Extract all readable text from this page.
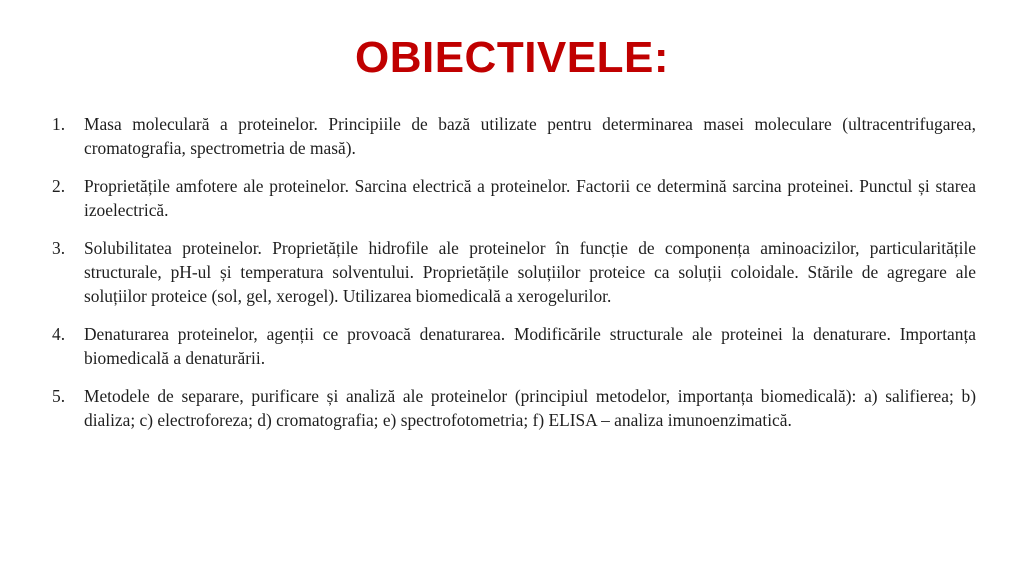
OBIECTIVELE:
1.	Masa moleculară a proteinelor. Principiile de bază utilizate pentru determinarea masei moleculare (ultracentrifugarea, cromatografia, spectrometria de masă).
2.	Proprietățile amfotere ale proteinelor. Sarcina electrică a proteinelor. Factorii ce determină sarcina proteinei. Punctul și starea izoelectrică.
3.	Solubilitatea proteinelor. Proprietățile hidrofile ale proteinelor în funcție de componența aminoacizilor, particularitățile structurale, pH-ul și temperatura solventului. Proprietățile soluțiilor proteice ca soluții coloidale. Stările de agregare ale soluțiilor proteice (sol, gel, xerogel). Utilizarea biomedicală a xerogelurilor.
4.	Denaturarea proteinelor, agenții ce provoacă denaturarea. Modificările structurale ale proteinei la denaturare. Importanța biomedicală a denaturării.
5.	Metodele de separare, purificare și analiză ale proteinelor (principiul metodelor, importanța biomedicală): a) salifierea; b) dializa; c) electroforeza; d) cromatografia; e) spectrofotometria; f) ELISA – analiza imunoenzimatică.
